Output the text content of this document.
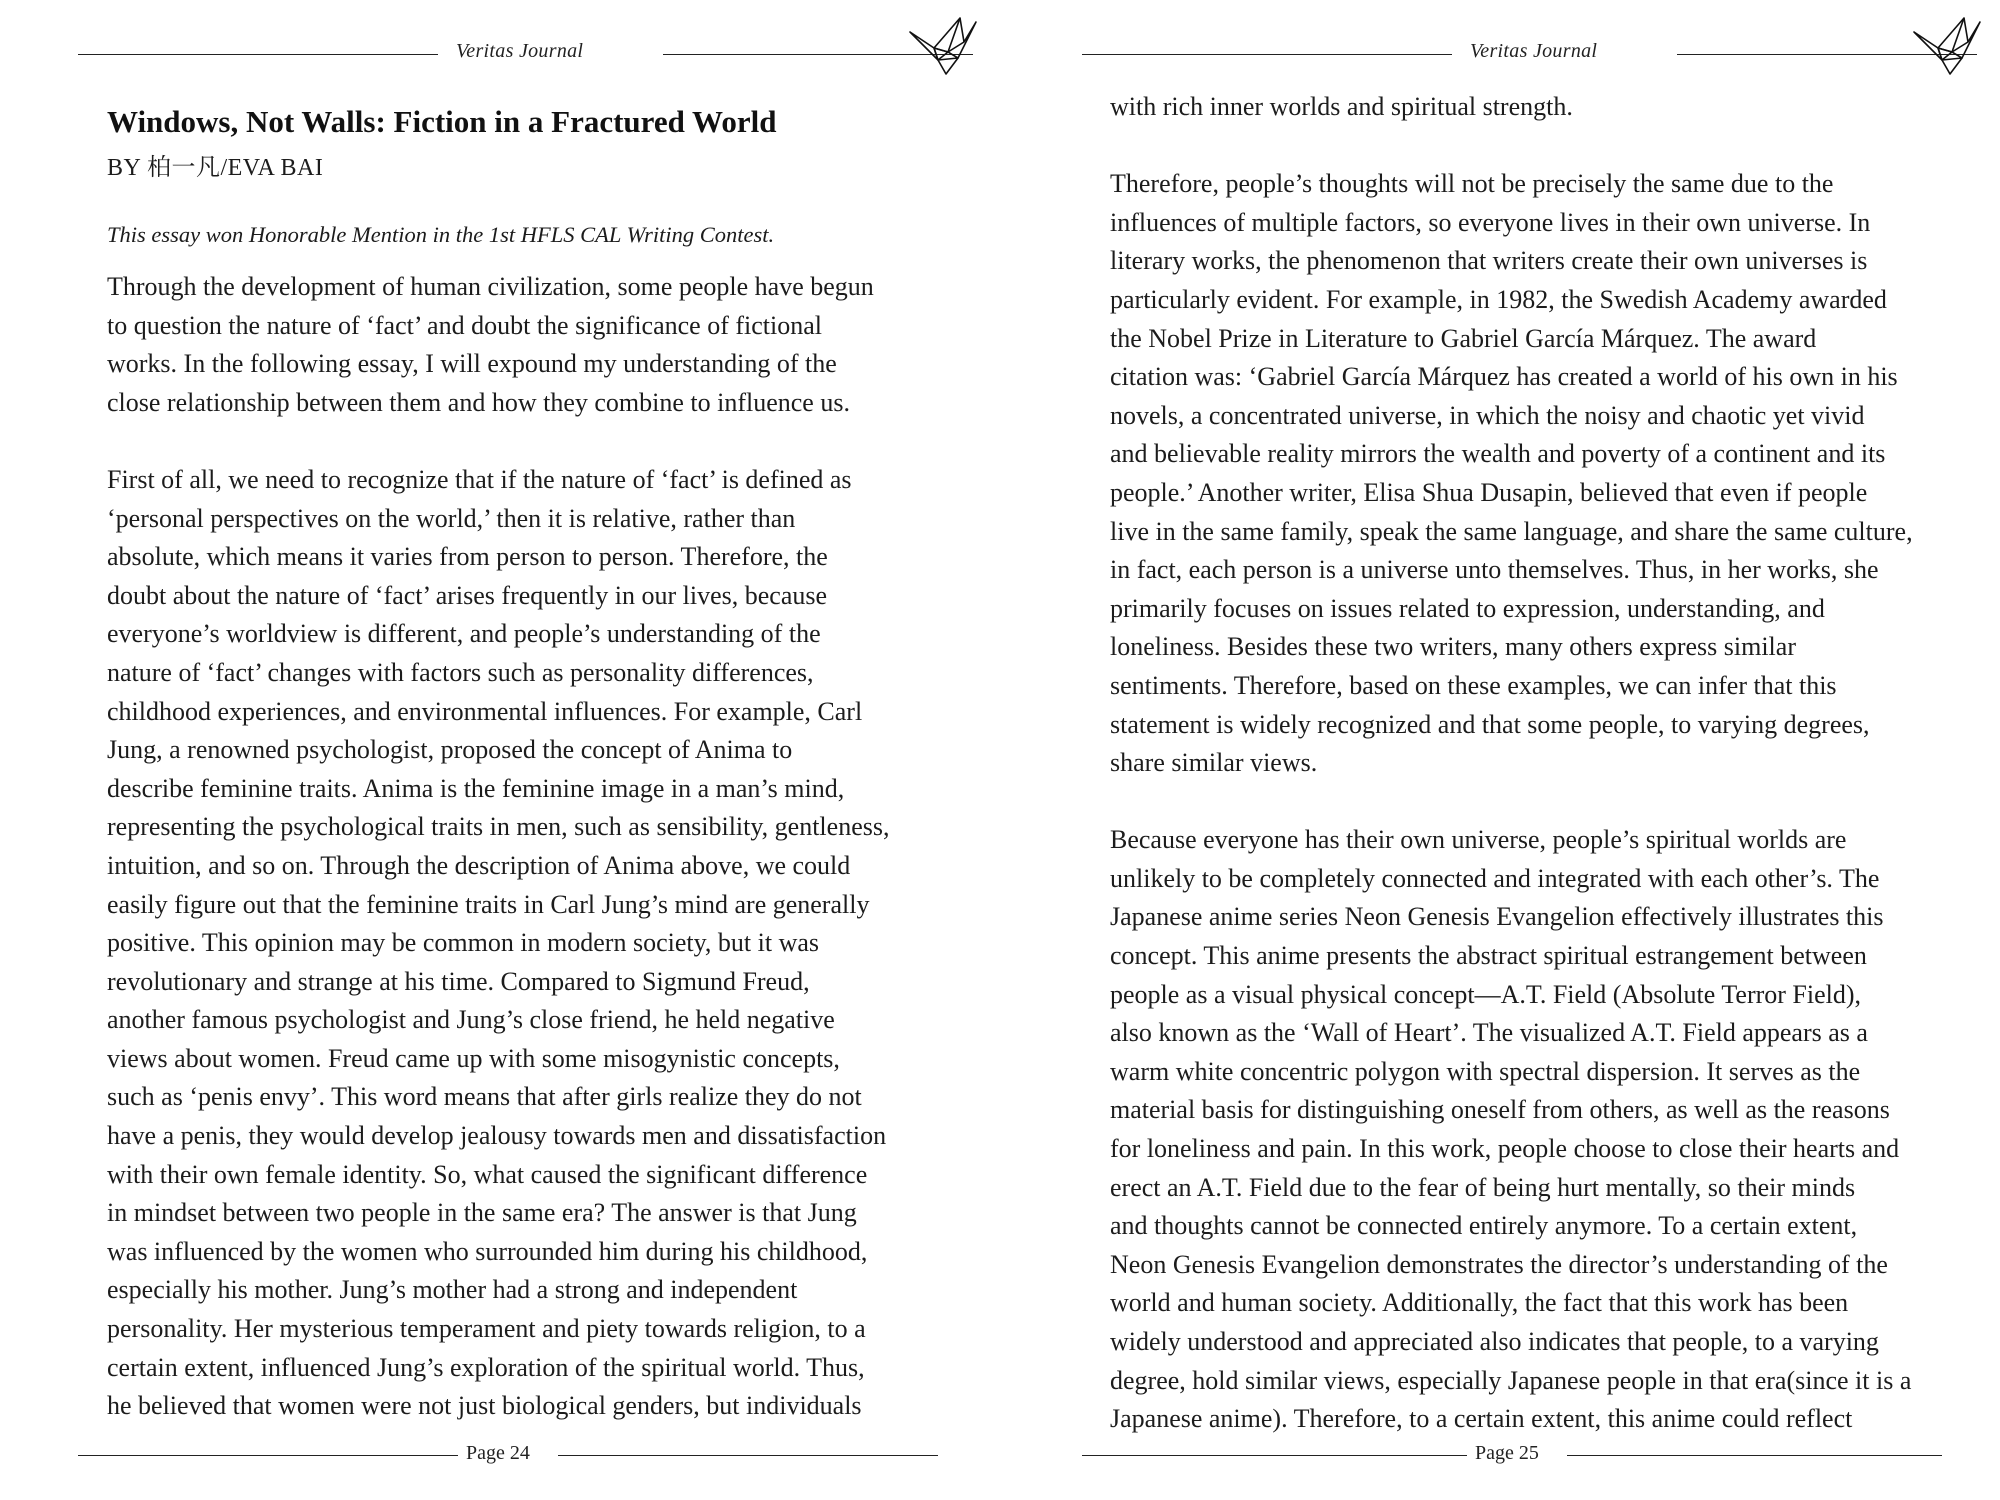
Veritas Journal
Windows, Not Walls: Fiction in a Fractured World
BY 柏一凡/EVA BAI
This essay won Honorable Mention in the 1st HFLS CAL Writing Contest.
Through the development of human civilization, some people have begun
to question the nature of ‘fact’ and doubt the significance of fictional
works. In the following essay, I will expound my understanding of the
close relationship between them and how they combine to influence us.
First of all, we need to recognize that if the nature of ‘fact’ is defined as
‘personal perspectives on the world,’ then it is relative, rather than
absolute, which means it varies from person to person. Therefore, the
doubt about the nature of ‘fact’ arises frequently in our lives, because
everyone’s worldview is different, and people’s understanding of the
nature of ‘fact’ changes with factors such as personality differences,
childhood experiences, and environmental influences. For example, Carl
Jung, a renowned psychologist, proposed the concept of Anima to
describe feminine traits. Anima is the feminine image in a man’s mind,
representing the psychological traits in men, such as sensibility, gentleness,
intuition, and so on. Through the description of Anima above, we could
easily figure out that the feminine traits in Carl Jung’s mind are generally
positive. This opinion may be common in modern society, but it was
revolutionary and strange at his time. Compared to Sigmund Freud,
another famous psychologist and Jung’s close friend, he held negative
views about women. Freud came up with some misogynistic concepts,
such as ‘penis envy’. This word means that after girls realize they do not
have a penis, they would develop jealousy towards men and dissatisfaction
with their own female identity. So, what caused the significant difference
in mindset between two people in the same era? The answer is that Jung
was influenced by the women who surrounded him during his childhood,
especially his mother. Jung’s mother had a strong and independent
personality. Her mysterious temperament and piety towards religion, to a
certain extent, influenced Jung’s exploration of the spiritual world. Thus,
he believed that women were not just biological genders, but individuals
Page 24
Veritas Journal
with rich inner worlds and spiritual strength.
Therefore, people’s thoughts will not be precisely the same due to the
influences of multiple factors, so everyone lives in their own universe. In
literary works, the phenomenon that writers create their own universes is
particularly evident. For example, in 1982, the Swedish Academy awarded
the Nobel Prize in Literature to Gabriel García Márquez. The award
citation was: ‘Gabriel García Márquez has created a world of his own in his
novels, a concentrated universe, in which the noisy and chaotic yet vivid
and believable reality mirrors the wealth and poverty of a continent and its
people.’ Another writer, Elisa Shua Dusapin, believed that even if people
live in the same family, speak the same language, and share the same culture,
in fact, each person is a universe unto themselves. Thus, in her works, she
primarily focuses on issues related to expression, understanding, and
loneliness. Besides these two writers, many others express similar
sentiments. Therefore, based on these examples, we can infer that this
statement is widely recognized and that some people, to varying degrees,
share similar views.
Because everyone has their own universe, people’s spiritual worlds are
unlikely to be completely connected and integrated with each other’s. The
Japanese anime series Neon Genesis Evangelion effectively illustrates this
concept. This anime presents the abstract spiritual estrangement between
people as a visual physical concept—A.T. Field (Absolute Terror Field),
also known as the ‘Wall of Heart’. The visualized A.T. Field appears as a
warm white concentric polygon with spectral dispersion. It serves as the
material basis for distinguishing oneself from others, as well as the reasons
for loneliness and pain. In this work, people choose to close their hearts and
erect an A.T. Field due to the fear of being hurt mentally, so their minds
and thoughts cannot be connected entirely anymore. To a certain extent,
Neon Genesis Evangelion demonstrates the director’s understanding of the
world and human society. Additionally, the fact that this work has been
widely understood and appreciated also indicates that people, to a varying
degree, hold similar views, especially Japanese people in that era(since it is a
Japanese anime). Therefore, to a certain extent, this anime could reflect
Page 25
